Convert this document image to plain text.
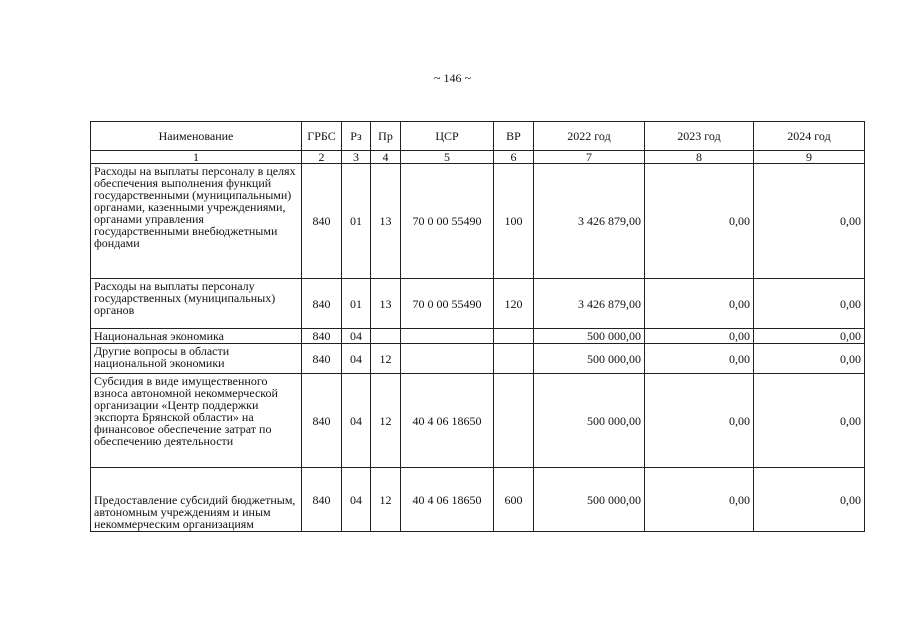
~ 146 ~
Наименование	ГРБС	Рз	Пр	ЦСР	ВР	2022 год	2023 год	2024 год
1	2	3	4	5	6	7	8	9
Расходы на выплаты персоналу в целях обеспечения выполнения функций государственными (муниципальными) органами, казенными учреждениями, органами управления государственными внебюджетными фондами	840	01	13	70 0 00 55490	100	3 426 879,00	0,00	0,00
Расходы на выплаты персоналу государственных (муниципальных) органов	840	01	13	70 0 00 55490	120	3 426 879,00	0,00	0,00
Национальная экономика	840	04				500 000,00	0,00	0,00
Другие вопросы в области национальной экономики	840	04	12			500 000,00	0,00	0,00
Субсидия в виде имущественного взноса автономной некоммерческой организации «Центр поддержки экспорта Брянской области» на финансовое обеспечение затрат по обеспечению деятельности	840	04	12	40 4 06 18650		500 000,00	0,00	0,00
Предоставление субсидий бюджетным, автономным учреждениям и иным некоммерческим организациям	840	04	12	40 4 06 18650	600	500 000,00	0,00	0,00
